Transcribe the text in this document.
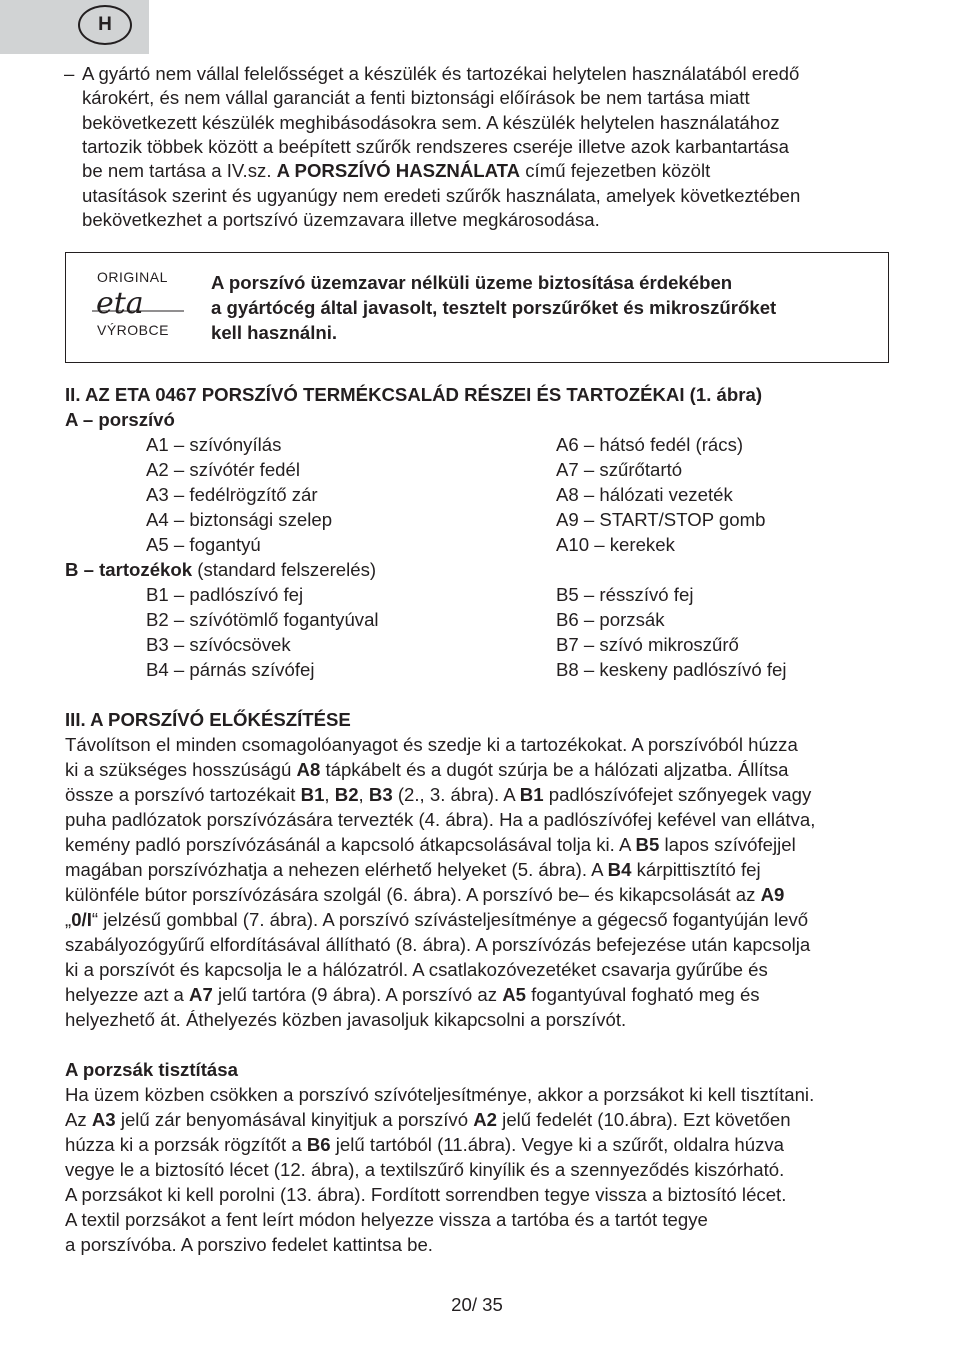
H
– A gyártó nem vállal felelősséget a készülék és tartozékai helytelen használatából eredő
károkért, és nem vállal garanciát a fenti biztonsági előírások be nem tartása miatt
bekövetkezett készülék meghibásodásokra sem. A készülék helytelen használatához
tartozik többek között a beépített szűrők rendszeres cseréje illetve azok karbantartása
be nem tartása a IV.sz. A PORSZÍVÓ HASZNÁLATA című fejezetben közölt
utasítások szerint és ugyanúgy nem eredeti szűrők használata, amelyek következtében
bekövetkezhet a portszívó üzemzavara illetve megkárosodása.
ORIGINAL
eta
VÝROBCE
A porszívó üzemzavar nélküli üzeme biztosítása érdekében
a gyártócég által javasolt, tesztelt porszűrőket és mikroszűrőket
kell használni.
II. AZ ETA 0467 PORSZÍVÓ TERMÉKCSALÁD RÉSZEI ÉS TARTOZÉKAI (1. ábra)
A – porszívó
A1 – szívónyílás
A2 – szívótér fedél
A3 – fedélrögzítő zár
A4 – biztonsági szelep
A5 – fogantyú
A6 – hátsó fedél (rács)
A7 – szűrőtartó
A8 – hálózati vezeték
A9 – START/STOP gomb
A10 – kerekek
B – tartozékok (standard felszerelés)
B1 – padlószívó fej
B2 – szívótömlő fogantyúval
B3 – szívócsövek
B4 – párnás szívófej
B5 – résszívó fej
B6 – porzsák
B7 – szívó mikroszűrő
B8 – keskeny padlószívó fej
III. A PORSZÍVÓ ELŐKÉSZÍTÉSE
Távolítson el minden csomagolóanyagot és szedje ki a tartozékokat. A porszívóból húzza
ki a szükséges hosszúságú A8 tápkábelt és a dugót szúrja be a hálózati aljzatba. Állítsa
össze a porszívó tartozékait B1, B2, B3 (2., 3. ábra). A B1 padlószívófejet szőnyegek vagy
puha padlózatok porszívózására tervezték (4. ábra). Ha a padlószívófej kefével van ellátva,
kemény padló porszívózásánál a kapcsoló átkapcsolásával tolja ki. A B5 lapos szívófejjel
magában porszívózhatja a nehezen elérhető helyeket (5. ábra). A B4 kárpittisztító fej
különféle bútor porszívózására szolgál (6. ábra). A porszívó be– és kikapcsolását az A9
„0/I“ jelzésű gombbal (7. ábra). A porszívó szívásteljesítménye a gégecső fogantyúján levő
szabályozógyűrű elfordításával állítható (8. ábra). A porszívózás befejezése után kapcsolja
ki a porszívót és kapcsolja le a hálózatról. A csatlakozóvezetéket csavarja gyűrűbe és
helyezze azt a A7 jelű tartóra (9 ábra). A porszívó az A5 fogantyúval fogható meg és
helyezhető át. Áthelyezés közben javasoljuk kikapcsolni a porszívót.
A porzsák tisztítása
Ha üzem közben csökken a porszívó szívóteljesítménye, akkor a porzsákot ki kell tisztítani.
Az A3 jelű zár benyomásával kinyitjuk a porszívó A2 jelű fedelét (10.ábra). Ezt követően
húzza ki a porzsák rögzítőt a B6 jelű tartóból (11.ábra). Vegye ki a szűrőt, oldalra húzva
vegye le a biztosító lécet (12. ábra), a textilszűrő kinyílik és a szennyeződés kiszórható.
A porzsákot ki kell porolni (13. ábra). Fordított sorrendben tegye vissza a biztosító lécet.
A textil porzsákot a fent leírt módon helyezze vissza a tartóba és a tartót tegye
a porszívóba. A porszivo fedelet kattintsa be.
20/ 35
